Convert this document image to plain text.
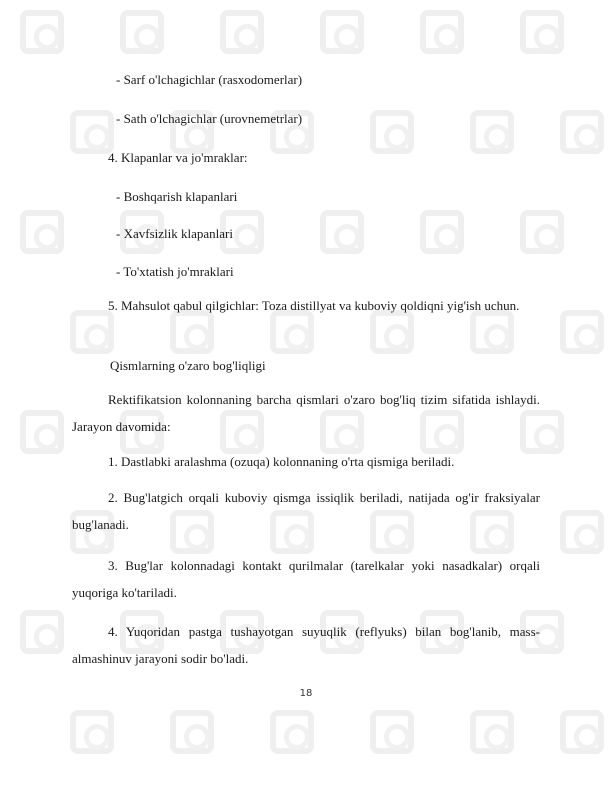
- Sarf o'lchagichlar (rasxodomerlar)
- Sath o'lchagichlar (urovnemetrlar)
4. Klapanlar va jo'mraklar:
- Boshqarish klapanlari
- Xavfsizlik klapanlari
- To'xtatish jo'mraklari
5. Mahsulot qabul qilgichlar: Toza distillyat va kuboviy qoldiqni yig'ish uchun.
Qismlarning o'zaro bog'liqligi
Rektifikatsion kolonnaning barcha qismlari o'zaro bog'liq tizim sifatida ishlaydi. Jarayon davomida:
1. Dastlabki aralashma (ozuqa) kolonnaning o'rta qismiga beriladi.
2. Bug'latgich orqali kuboviy qismga issiqlik beriladi, natijada og'ir fraksiyalar bug'lanadi.
3. Bug'lar kolonnadagi kontakt qurilmalar (tarelkalar yoki nasadkalar) orqali yuqoriga ko'tariladi.
4. Yuqoridan pastga tushayotgan suyuqlik (reflyuks) bilan bog'lanib, mass-almashinuv jarayoni sodir bo'ladi.
18
